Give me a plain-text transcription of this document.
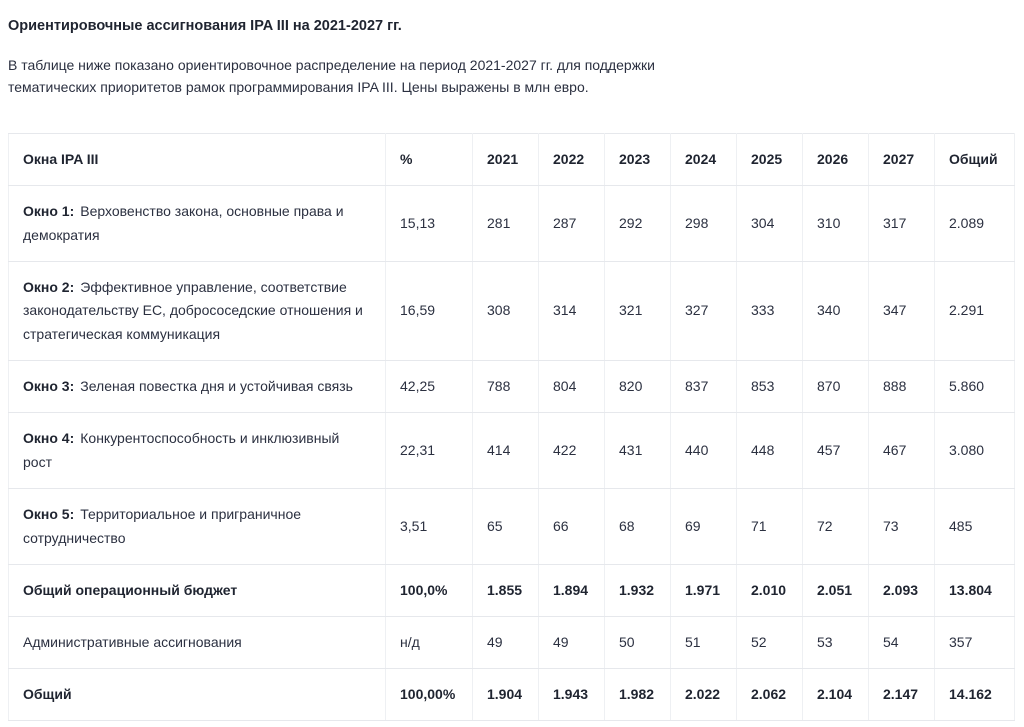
Ориентировочные ассигнования IPA III на 2021-2027 гг.
В таблице ниже показано ориентировочное распределение на период 2021-2027 гг. для поддержки тематических приоритетов рамок программирования IPA III. Цены выражены в млн евро.
Окна IPA III	%	2021	2022	2023	2024	2025	2026	2027	Общий
Окно 1: Верховенство закона, основные права и демократия	15,13	281	287	292	298	304	310	317	2.089
Окно 2: Эффективное управление, соответствие законодательству ЕС, добрососедские отношения и стратегическая коммуникация	16,59	308	314	321	327	333	340	347	2.291
Окно 3: Зеленая повестка дня и устойчивая связь	42,25	788	804	820	837	853	870	888	5.860
Окно 4: Конкурентоспособность и инклюзивный рост	22,31	414	422	431	440	448	457	467	3.080
Окно 5: Территориальное и приграничное сотрудничество	3,51	65	66	68	69	71	72	73	485
Общий операционный бюджет	100,0%	1.855	1.894	1.932	1.971	2.010	2.051	2.093	13.804
Административные ассигнования	н/д	49	49	50	51	52	53	54	357
Общий	100,00%	1.904	1.943	1.982	2.022	2.062	2.104	2.147	14.162
